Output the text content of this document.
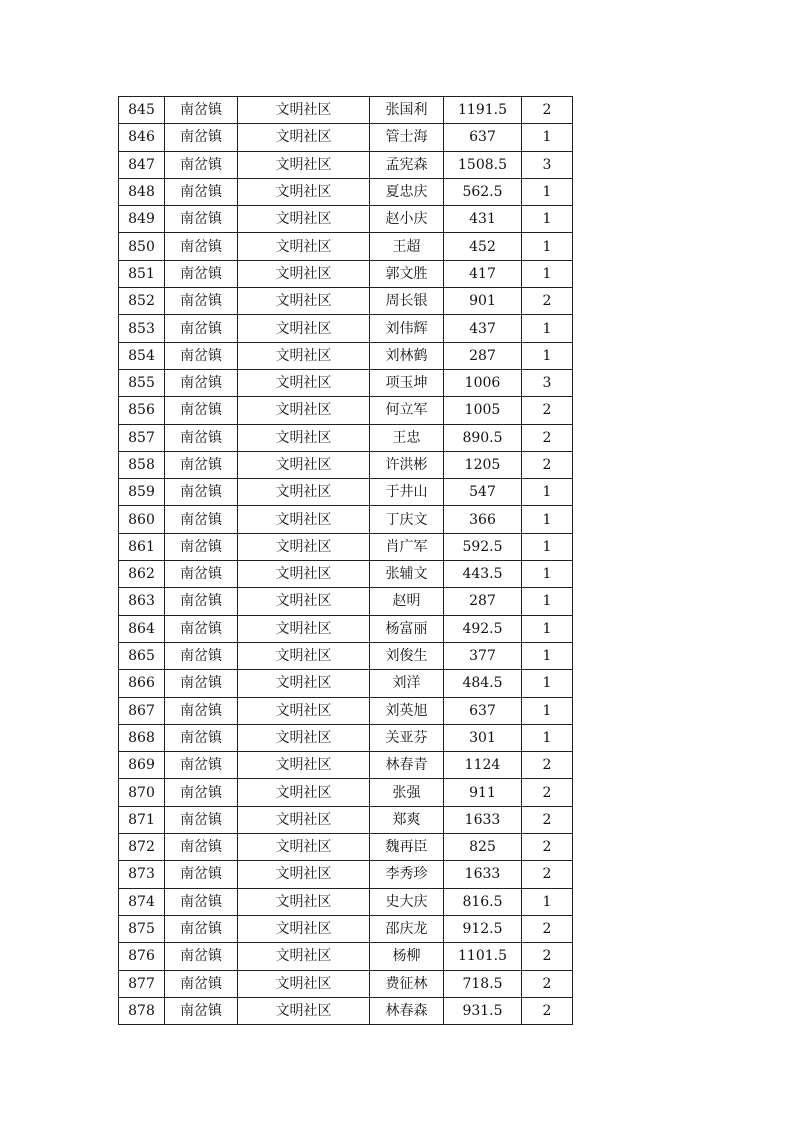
845	南岔镇	文明社区	张国利	1191.5	2
846	南岔镇	文明社区	管士海	637	1
847	南岔镇	文明社区	孟宪森	1508.5	3
848	南岔镇	文明社区	夏忠庆	562.5	1
849	南岔镇	文明社区	赵小庆	431	1
850	南岔镇	文明社区	王超	452	1
851	南岔镇	文明社区	郭文胜	417	1
852	南岔镇	文明社区	周长银	901	2
853	南岔镇	文明社区	刘伟辉	437	1
854	南岔镇	文明社区	刘林鹤	287	1
855	南岔镇	文明社区	项玉坤	1006	3
856	南岔镇	文明社区	何立军	1005	2
857	南岔镇	文明社区	王忠	890.5	2
858	南岔镇	文明社区	许洪彬	1205	2
859	南岔镇	文明社区	于井山	547	1
860	南岔镇	文明社区	丁庆文	366	1
861	南岔镇	文明社区	肖广军	592.5	1
862	南岔镇	文明社区	张辅文	443.5	1
863	南岔镇	文明社区	赵明	287	1
864	南岔镇	文明社区	杨富丽	492.5	1
865	南岔镇	文明社区	刘俊生	377	1
866	南岔镇	文明社区	刘洋	484.5	1
867	南岔镇	文明社区	刘英旭	637	1
868	南岔镇	文明社区	关亚芬	301	1
869	南岔镇	文明社区	林春青	1124	2
870	南岔镇	文明社区	张强	911	2
871	南岔镇	文明社区	郑爽	1633	2
872	南岔镇	文明社区	魏再臣	825	2
873	南岔镇	文明社区	李秀珍	1633	2
874	南岔镇	文明社区	史大庆	816.5	1
875	南岔镇	文明社区	邵庆龙	912.5	2
876	南岔镇	文明社区	杨柳	1101.5	2
877	南岔镇	文明社区	费征林	718.5	2
878	南岔镇	文明社区	林春森	931.5	2
